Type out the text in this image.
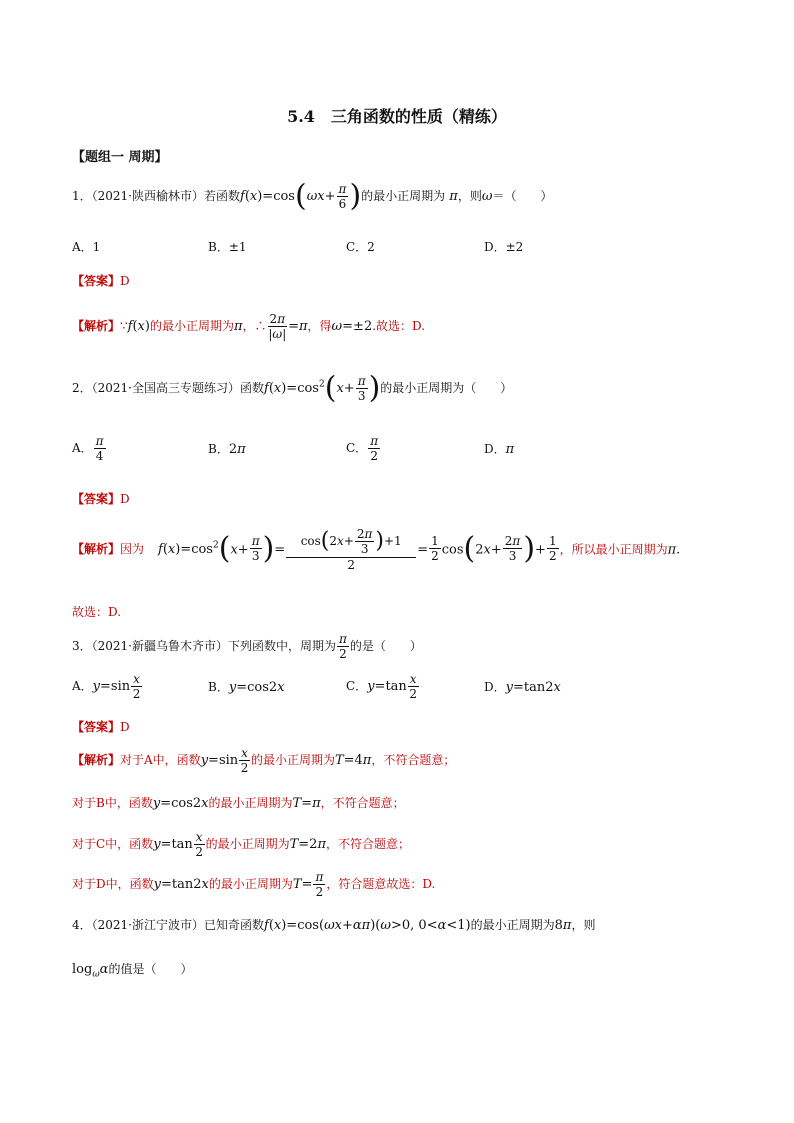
5.4　三角函数的性质（精练）
【题组一 周期】
1．（2021·陕西榆林市）若函数$f(x)=\cos(\omega x+ \frac{\pi}{6}$ )的最小正周期为 π，则ω＝（　　）
A．1	B．±1	C．2	D．±2
【答案】D
【解析】∵f(x)的最小正周期为π，∴ $\frac{2\pi}{|\omega|} =\pi$，得ω=±2.故选：D.
2．（2021·全国高三专题练习）函数$f(x)=\cos^2(x+ \frac{\pi}{3}$ )的最小正周期为（　　）
A． $\frac{\pi}{4}$	B．2π	C． $\frac{\pi}{2}$	D．π
【答案】D
【解析】因为 $f(x)=\cos^2(x+ \frac{\pi}{3}$ )= $\frac{\cos(2x+ \frac{2\pi}{3} )+1}{2} = \frac{1}{2} \cos(2x+ \frac{2\pi}{3}$ )+ $\frac{1}{2}$ ，所以最小正周期为π.
故选：D.
3．（2021·新疆乌鲁木齐市）下列函数中，周期为 $\frac{\pi}{2}$ 的是（　　）
A．$y=\sin \frac{x}{2}$	B．y=cos2x	C．$y=\tan \frac{x}{2}$	D．y=tan2x
【答案】D
【解析】对于A中，函数$y=\sin \frac{x}{2}$ 的最小正周期为T=4π，不符合题意；
对于B中，函数y=cos2x的最小正周期为T=π，不符合题意；
对于C中，函数$y=\tan \frac{x}{2}$ 的最小正周期为T=2π，不符合题意；
对于D中，函数y=tan2x的最小正周期为$T= \frac{\pi}{2}$ ，符合题意故选：D.
4．（2021·浙江宁波市）已知奇函数f(x)=cos(ωx+απ)(ω>0, 0<α<1)的最小正周期为8π，则
$\log_\omega\alpha$的值是（　　）
